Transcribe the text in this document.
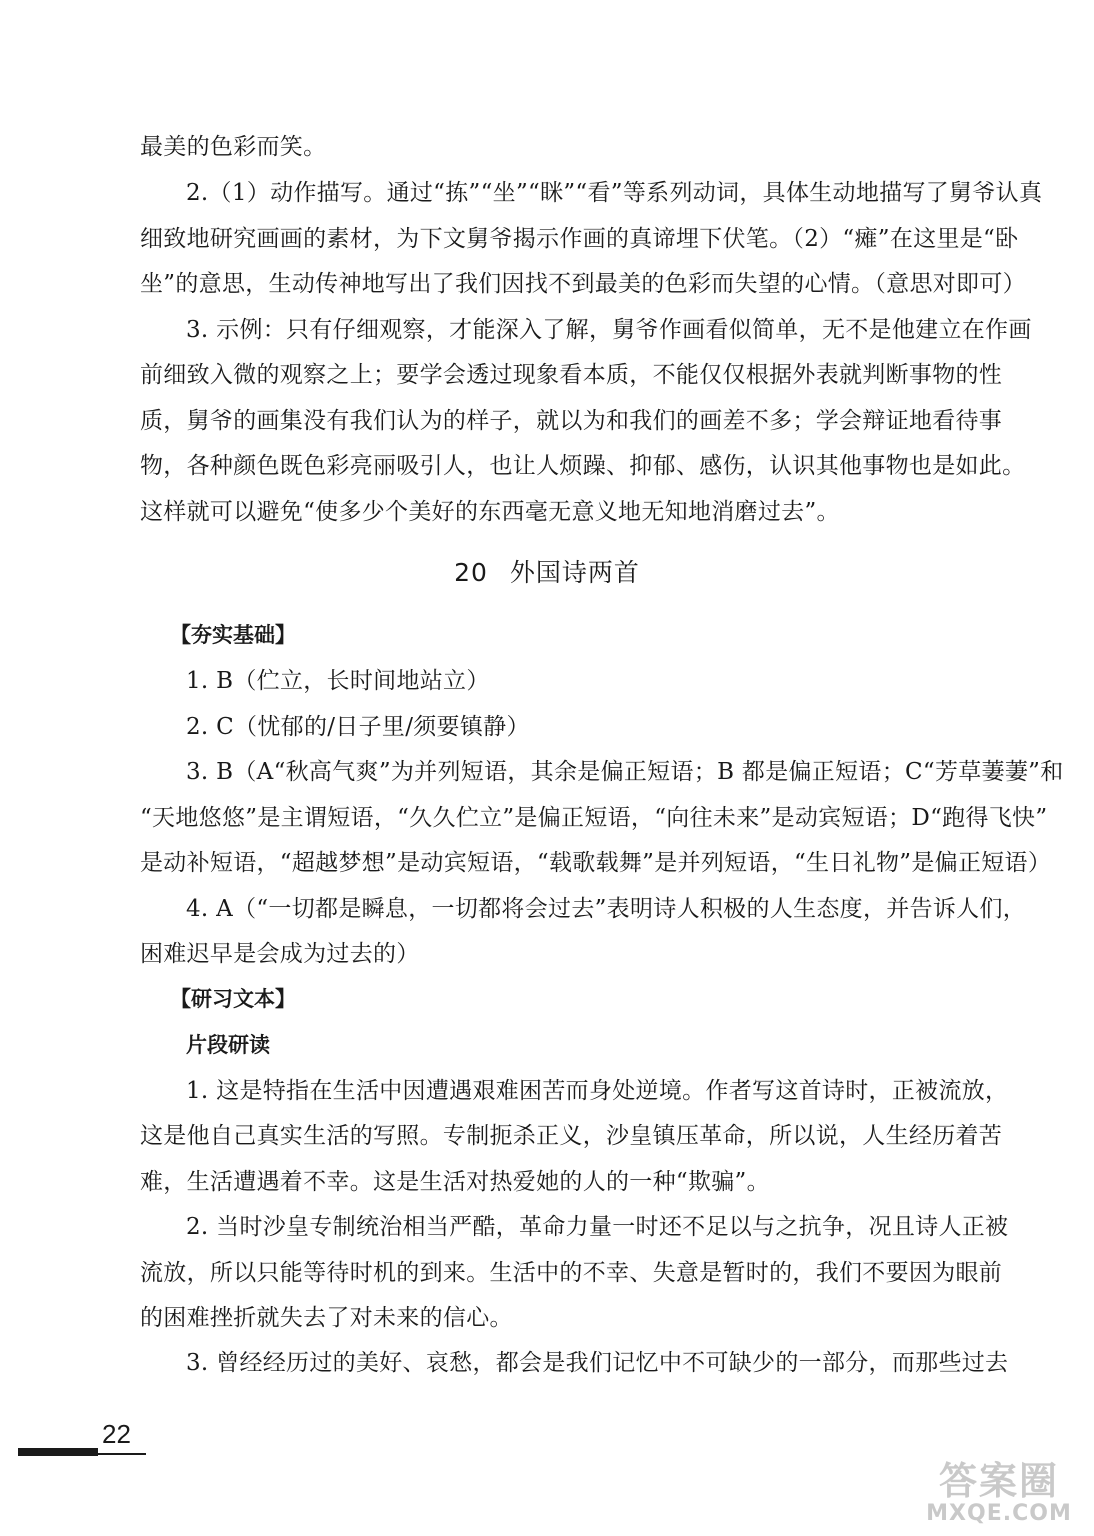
最美的色彩而笑。
2.（1）动作描写。通过“拣”“坐”“眯”“看”等系列动词，具体生动地描写了舅爷认真
细致地研究画画的素材，为下文舅爷揭示作画的真谛埋下伏笔。（2）“瘫”在这里是“卧
坐”的意思，生动传神地写出了我们因找不到最美的色彩而失望的心情。（意思对即可）
3. 示例：只有仔细观察，才能深入了解，舅爷作画看似简单，无不是他建立在作画
前细致入微的观察之上；要学会透过现象看本质，不能仅仅根据外表就判断事物的性
质，舅爷的画集没有我们认为的样子，就以为和我们的画差不多；学会辩证地看待事
物，各种颜色既色彩亮丽吸引人，也让人烦躁、抑郁、感伤，认识其他事物也是如此。
这样就可以避免“使多少个美好的东西毫无意义地无知地消磨过去”。
20 外国诗两首
【夯实基础】
1. B（伫立，长时间地站立）
2. C（忧郁的/日子里/须要镇静）
3. B（A“秋高气爽”为并列短语，其余是偏正短语；B 都是偏正短语；C“芳草萋萋”和
“天地悠悠”是主谓短语，“久久伫立”是偏正短语，“向往未来”是动宾短语；D“跑得飞快”
是动补短语，“超越梦想”是动宾短语，“载歌载舞”是并列短语，“生日礼物”是偏正短语）
4. A（“一切都是瞬息，一切都将会过去”表明诗人积极的人生态度，并告诉人们，
困难迟早是会成为过去的）
【研习文本】
片段研读
1. 这是特指在生活中因遭遇艰难困苦而身处逆境。作者写这首诗时，正被流放，
这是他自己真实生活的写照。专制扼杀正义，沙皇镇压革命，所以说，人生经历着苦
难，生活遭遇着不幸。这是生活对热爱她的人的一种“欺骗”。
2. 当时沙皇专制统治相当严酷，革命力量一时还不足以与之抗争，况且诗人正被
流放，所以只能等待时机的到来。生活中的不幸、失意是暂时的，我们不要因为眼前
的困难挫折就失去了对未来的信心。
3. 曾经经历过的美好、哀愁，都会是我们记忆中不可缺少的一部分，而那些过去
22
答案圈
MXQE.COM
